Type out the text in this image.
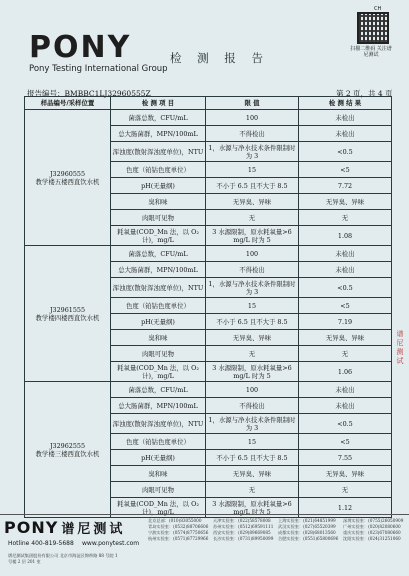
PONY
Pony Testing International Group
检 测 报 告
CH
扫描二维码 关注谱尼测试
报告编号：BMBBC1LJ32960555Z	第 2 页，共 4 页
样品编号/采样位置	检 测 项 目	限 值	检 测 结 果

J32960555
教学楼五楼西直饮水机	菌落总数，CFU/mL	100	未检出
	总大肠菌群，MPN/100mL	不得检出	未检出
	浑浊度(散射浑浊度单位)，NTU	1，水源与净水技术条件限制时为 3	<0.5
	色度（铂钴色度单位）	15	<5
	pH(无量纲)	不小于 6.5 且不大于 8.5	7.72
	臭和味	无异臭、异味	无异臭、异味
	肉眼可见物	无	无
	耗氧量(COD_Mn 法，以 O₂ 计)，mg/L	3 水源限制，原水耗氧量>6 mg/L 时为 5	1.08

J32961555
教学楼四楼西直饮水机	菌落总数，CFU/mL	100	未检出
	总大肠菌群，MPN/100mL	不得检出	未检出
	浑浊度(散射浑浊度单位)，NTU	1，水源与净水技术条件限制时为 3	<0.5
	色度（铂钴色度单位）	15	<5
	pH(无量纲)	不小于 6.5 且不大于 8.5	7.19
	臭和味	无异臭、异味	无异臭、异味
	肉眼可见物	无	无
	耗氧量(COD_Mn 法，以 O₂ 计)，mg/L	3 水源限制，原水耗氧量>6 mg/L 时为 5	1.06

J32962555
教学楼三楼西直饮水机	菌落总数，CFU/mL	100	未检出
	总大肠菌群，MPN/100mL	不得检出	未检出
	浑浊度(散射浑浊度单位)，NTU	1，水源与净水技术条件限制时为 3	<0.5
	色度（铂钴色度单位）	15	<5
	pH(无量纲)	不小于 6.5 且不大于 8.5	7.55
	臭和味	无异臭、异味	无异臭、异味
	肉眼可见物	无	无
	耗氧量(COD_Mn 法，以 O₂ 计)，mg/L	3 水源限制，原水耗氧量>6 mg/L 时为 5	1.12
谱尼测试
PONY 谱尼测试
Hotline 400-819-5688 www.ponytest.com
谱尼测试集团股份有限公司 北京市海淀区锦带路 88 号院 1 号楼 2 层 201 室
北京总部：(010)83055000	天津实验室：(022)58578008	上海实验室：(021)64851999	深圳实验室：(0755)26050909
青岛实验室：(0532)88706606	苏州实验室：(0512)69591111	武汉实验室：(027)65520399	广州实验室：(020)82080600
宁波实验室：(0574)87750656	西安实验室：(029)89669085	成都实验室：(028)68013560	重庆实验室：(023)67080660
杭州实验室：(0571)87729966	长沙实验室：(0731)89950099	合肥实验室：(0551)65800696	沈阳实验室：(024)31251060
